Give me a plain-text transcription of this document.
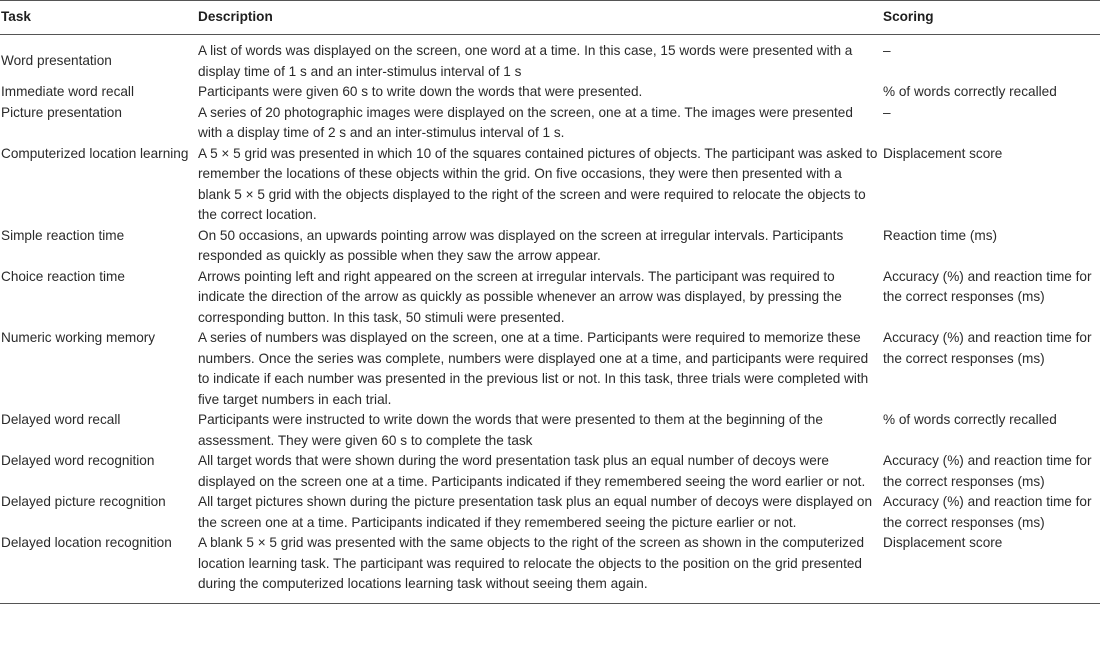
Task	Description	Scoring
Word presentation	A list of words was displayed on the screen, one word at a time. In this case, 15 words were presented with a display time of 1 s and an inter-stimulus interval of 1 s	–
Immediate word recall	Participants were given 60 s to write down the words that were presented.	% of words correctly recalled
Picture presentation	A series of 20 photographic images were displayed on the screen, one at a time. The images were presented with a display time of 2 s and an inter-stimulus interval of 1 s.	–
Computerized location learning	A 5 × 5 grid was presented in which 10 of the squares contained pictures of objects. The participant was asked to remember the locations of these objects within the grid. On five occasions, they were then presented with a blank 5 × 5 grid with the objects displayed to the right of the screen and were required to relocate the objects to the correct location.	Displacement score
Simple reaction time	On 50 occasions, an upwards pointing arrow was displayed on the screen at irregular intervals. Participants responded as quickly as possible when they saw the arrow appear.	Reaction time (ms)
Choice reaction time	Arrows pointing left and right appeared on the screen at irregular intervals. The participant was required to indicate the direction of the arrow as quickly as possible whenever an arrow was displayed, by pressing the corresponding button. In this task, 50 stimuli were presented.	Accuracy (%) and reaction time for the correct responses (ms)
Numeric working memory	A series of numbers was displayed on the screen, one at a time. Participants were required to memorize these numbers. Once the series was complete, numbers were displayed one at a time, and participants were required to indicate if each number was presented in the previous list or not. In this task, three trials were completed with five target numbers in each trial.	Accuracy (%) and reaction time for the correct responses (ms)
Delayed word recall	Participants were instructed to write down the words that were presented to them at the beginning of the assessment. They were given 60 s to complete the task	% of words correctly recalled
Delayed word recognition	All target words that were shown during the word presentation task plus an equal number of decoys were displayed on the screen one at a time. Participants indicated if they remembered seeing the word earlier or not.	Accuracy (%) and reaction time for the correct responses (ms)
Delayed picture recognition	All target pictures shown during the picture presentation task plus an equal number of decoys were displayed on the screen one at a time. Participants indicated if they remembered seeing the picture earlier or not.	Accuracy (%) and reaction time for the correct responses (ms)
Delayed location recognition	A blank 5 × 5 grid was presented with the same objects to the right of the screen as shown in the computerized location learning task. The participant was required to relocate the objects to the position on the grid presented during the computerized locations learning task without seeing them again.	Displacement score
